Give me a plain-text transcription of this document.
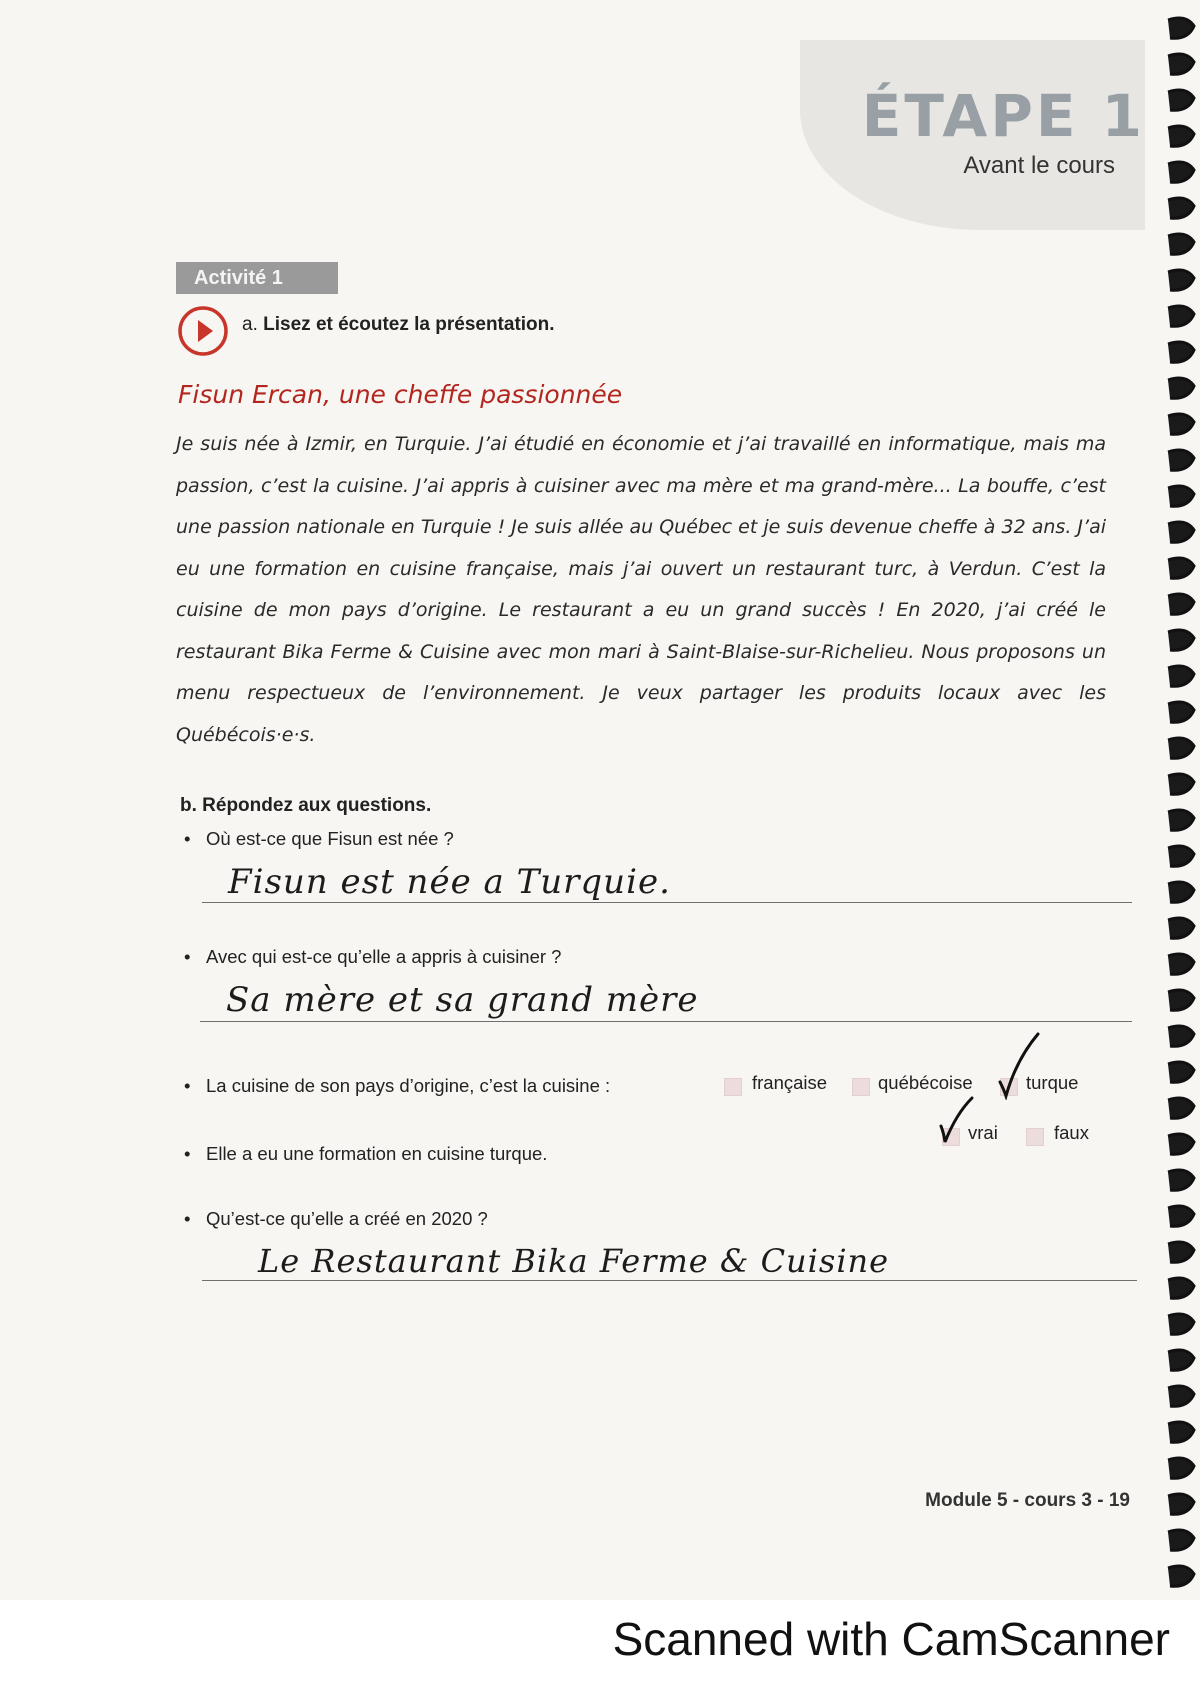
ÉTAPE 1
Avant le cours
Activité 1
a. Lisez et écoutez la présentation.
Fisun Ercan, une cheffe passionnée
Je suis née à Izmir, en Turquie. J’ai étudié en économie et j’ai travaillé en informatique, mais ma passion, c’est la cuisine. J’ai appris à cuisiner avec ma mère et ma grand-mère... La bouffe, c’est une passion nationale en Turquie ! Je suis allée au Québec et je suis devenue cheffe à 32 ans. J’ai eu une formation en cuisine française, mais j’ai ouvert un restaurant turc, à Verdun. C’est la cuisine de mon pays d’origine. Le restaurant a eu un grand succès ! En 2020, j’ai créé le restaurant Bika Ferme & Cuisine avec mon mari à Saint-Blaise-sur-Richelieu. Nous proposons un menu respectueux de l’environnement. Je veux partager les produits locaux avec les Québécois·e·s.
b. Répondez aux questions.
• Où est-ce que Fisun est née ?
Fisun est née a Turquie.
• Avec qui est-ce qu’elle a appris à cuisiner ?
Sa mère et sa grand mère
• La cuisine de son pays d’origine, c’est la cuisine :	française	québécoise	turque
vrai	faux
• Elle a eu une formation en cuisine turque.
• Qu’est-ce qu’elle a créé en 2020 ?
Le Restaurant Bika Ferme & Cuisine
Module 5 - cours 3 - 19
Scanned with CamScanner
